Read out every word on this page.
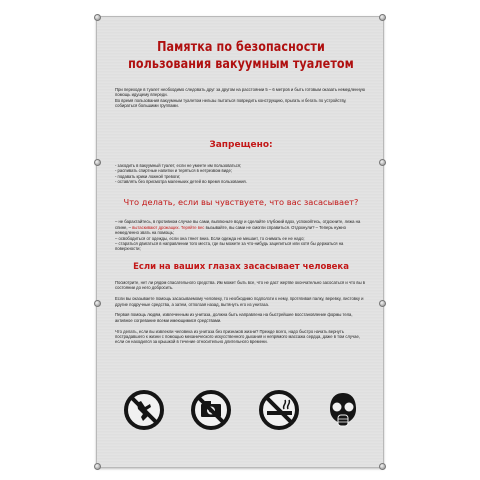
Памятка по безопасности
пользования вакуумным туалетом
При переходе в туалет необходимо следовать друг за другом на расстоянии 5 – 6 метров и быть готовым оказать немедленную помощь идущему впереди.
Во время пользования вакуумным туалетом нельзы пытаться повредить конструкцию, прыгать и бегать по устройству, собираться большими группами.
Запрещено:
- заходить в вакуумный туалет, если не умеете им пользоваться;
- распивать спиртные напитки и теряться в нетрезвом виде;
- подавать крики ложной тревоги;
- оставлять без присмотра маленьких детей во время пользования.
Что делать, если вы чувствуете, что вас засасывает?

– не барахтайтесь, в противном случае вы сами, выплюньте воду и сделайте глубокий вдох, успокойтесь, отдохните, лежа на спине, – вытаскивают дрожащих. Теряйте вес вызывайте, вы сами не смогли справиться. Отдохнули? – Теперь нужно немедленно звать на помощь;
– освободиться от одежды, если она тянет вниз. Если одежда не мешает, то снимать ее не надо;
– стараться двигаться в направлении того места, где вы можете за что-нибудь зацепиться или хотя бы держаться на поверхности;

Если на ваших глазах засасывает человека
Посмотрите, нет ли рядом спасательного средства. Им может быть все, что не даст жертве окончательно засосаться и что вы в состоянии до него добросить.

Если вы оказываете помощь засасываемому человеку, то необходимо подползти к нему, протягивая палку, веревку, листовку и другие подручные средства, а затем, отползая назад, вытянуть его из унитаза.

Первая помощь людям, извлеченным из унитаза, должна быть направлена на быстрейшее восстановление формы тела, активное согревание всеми имеющимися средствами.

Что делать, если вы извлекли человека из унитаза без признаков жизни? Прежде всего, надо быстро начать вернуть пострадавшего к жизни с помощью механического искусственного дыхания и непрямого массажа сердца, даже в том случае, если он находился за крышкой в течение относительно длительного времени.
